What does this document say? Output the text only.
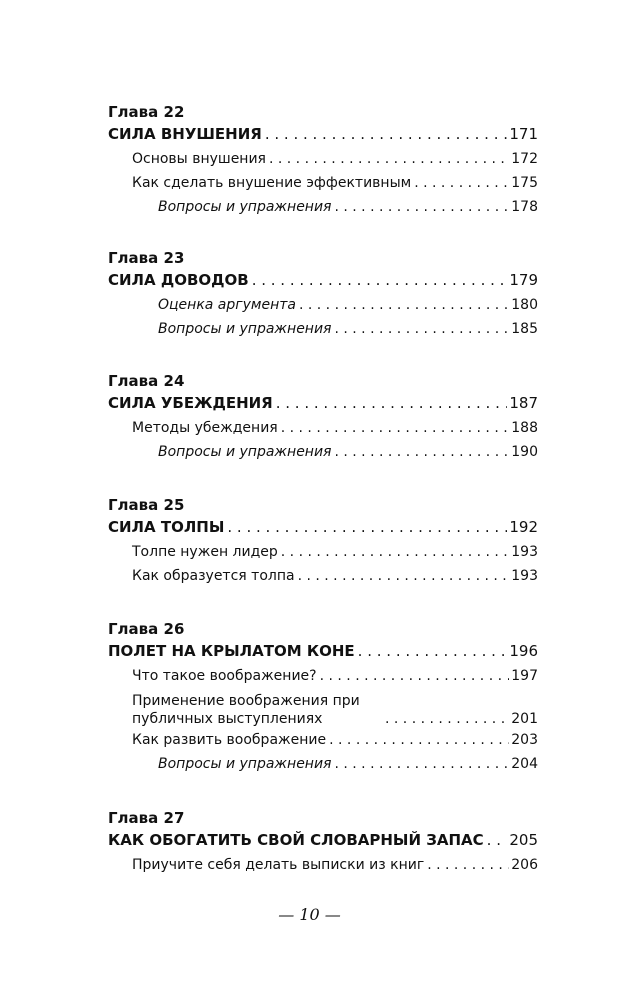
Глава 22
СИЛА ВНУШЕНИЯ . . .	171
Основы внушения . . .	172
Как сделать внушение эффективным . . .	175
Вопросы и упражнения . . .	178
Глава 23
СИЛА ДОВОДОВ . . .	179
Оценка аргумента . . .	180
Вопросы и упражнения . . .	185
Глава 24
СИЛА УБЕЖДЕНИЯ . . .	187
Методы убеждения . . .	188
Вопросы и упражнения . . .	190
Глава 25
СИЛА ТОЛПЫ . . .	192
Толпе нужен лидер . . .	193
Как образуется толпа . . .	193
Глава 26
ПОЛЕТ НА КРЫЛАТОМ КОНЕ . . .	196
Что такое воображение? . . .	197
Применение воображения при публичных выступлениях . . .	201
Как развить воображение . . .	203
Вопросы и упражнения . . .	204
Глава 27
КАК ОБОГАТИТЬ СВОЙ СЛОВАРНЫЙ ЗАПАС . . . 205
Приучите себя делать выписки из книг . . .	206
— 10 —
